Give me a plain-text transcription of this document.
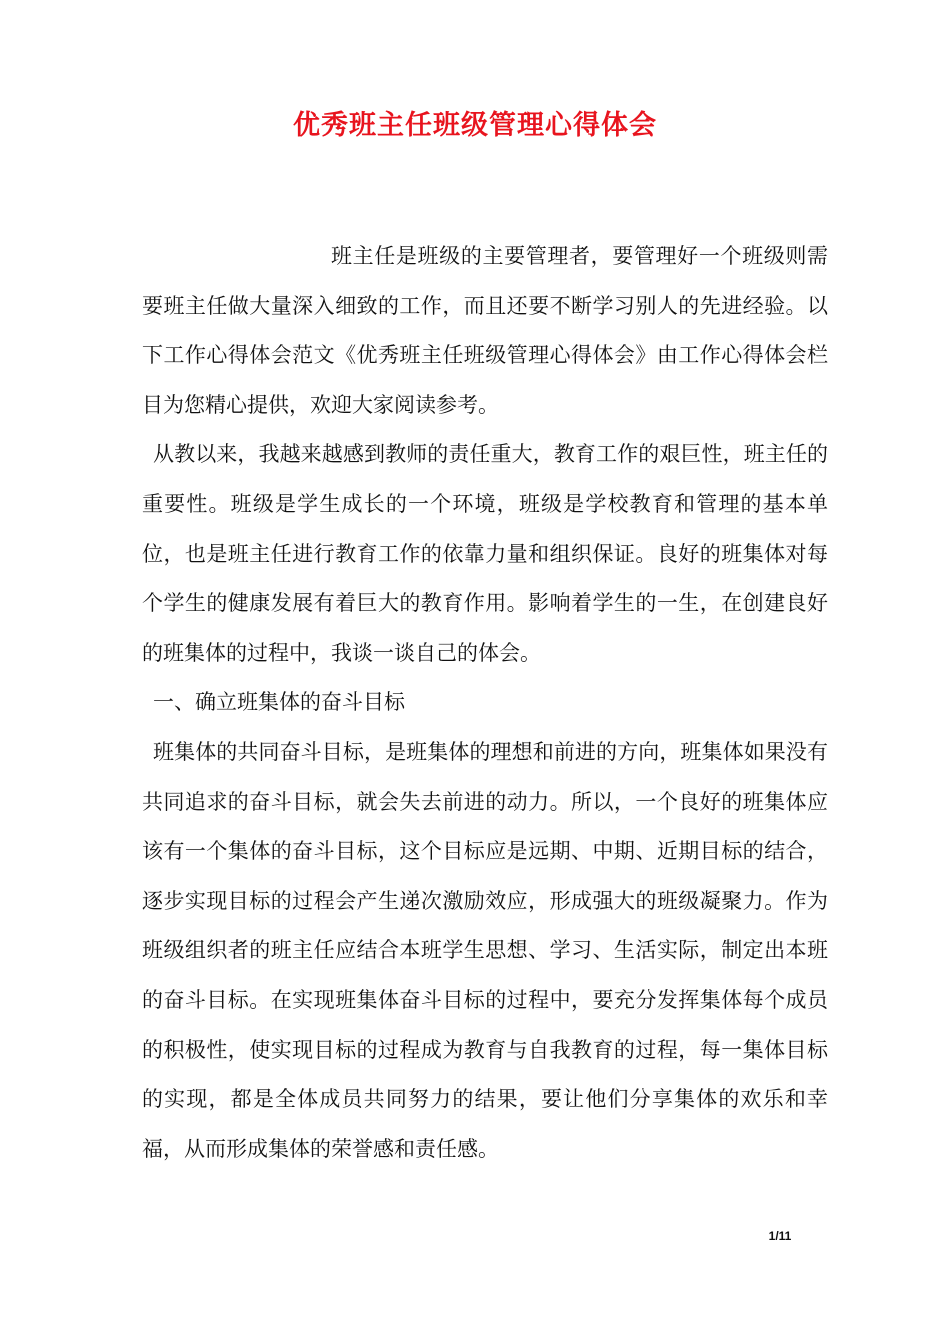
优秀班主任班级管理心得体会

班主任是班级的主要管理者，要管理好一个班级则需要班主任做大量深入细致的工作，而且还要不断学习别人的先进经验。以下工作心得体会范文《优秀班主任班级管理心得体会》由工作心得体会栏目为您精心提供，欢迎大家阅读参考。

从教以来，我越来越感到教师的责任重大，教育工作的艰巨性，班主任的重要性。班级是学生成长的一个环境，班级是学校教育和管理的基本单位，也是班主任进行教育工作的依靠力量和组织保证。良好的班集体对每个学生的健康发展有着巨大的教育作用。影响着学生的一生，在创建良好的班集体的过程中，我谈一谈自己的体会。

一、确立班集体的奋斗目标

班集体的共同奋斗目标，是班集体的理想和前进的方向，班集体如果没有共同追求的奋斗目标，就会失去前进的动力。所以，一个良好的班集体应该有一个集体的奋斗目标，这个目标应是远期、中期、近期目标的结合，逐步实现目标的过程会产生递次激励效应，形成强大的班级凝聚力。作为班级组织者的班主任应结合本班学生思想、学习、生活实际，制定出本班的奋斗目标。在实现班集体奋斗目标的过程中，要充分发挥集体每个成员的积极性，使实现目标的过程成为教育与自我教育的过程，每一集体目标的实现，都是全体成员共同努力的结果，要让他们分享集体的欢乐和幸福，从而形成集体的荣誉感和责任感。

1/11
